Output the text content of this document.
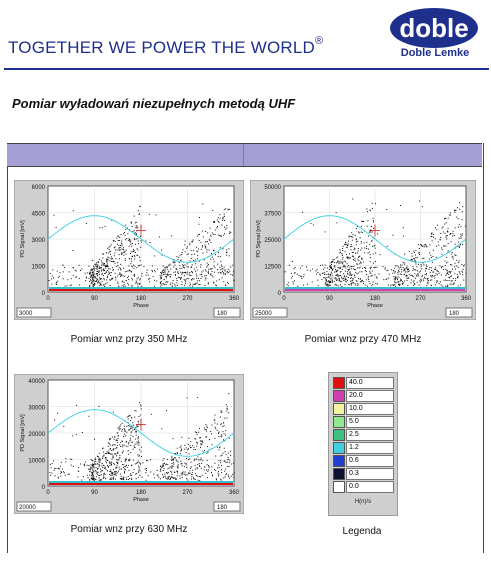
TOGETHER WE POWER THE WORLD®	doble
Doble Lemke
Pomiar wyładowań niezupełnych metodą UHF
6000
4500
3000
1500
0
0	90	180	270	360
Phase
PD Signal [mV]
3000	180
Pomiar wnz przy 350 MHz
50000
37500
25000
12500
0
0	90	180	270	360
Phase
PD Signal [mV]
25000	180
Pomiar wnz przy 470 MHz
40000
30000
20000
10000
0
0	90	180	270	360
Phase
PD Signal [mV]
20000	180
Pomiar wnz przy 630 MHz
40.0
20.0
10.0
5.0
2.5
1.2
0.6
0.3
0.0
H(n)/s
Legenda
